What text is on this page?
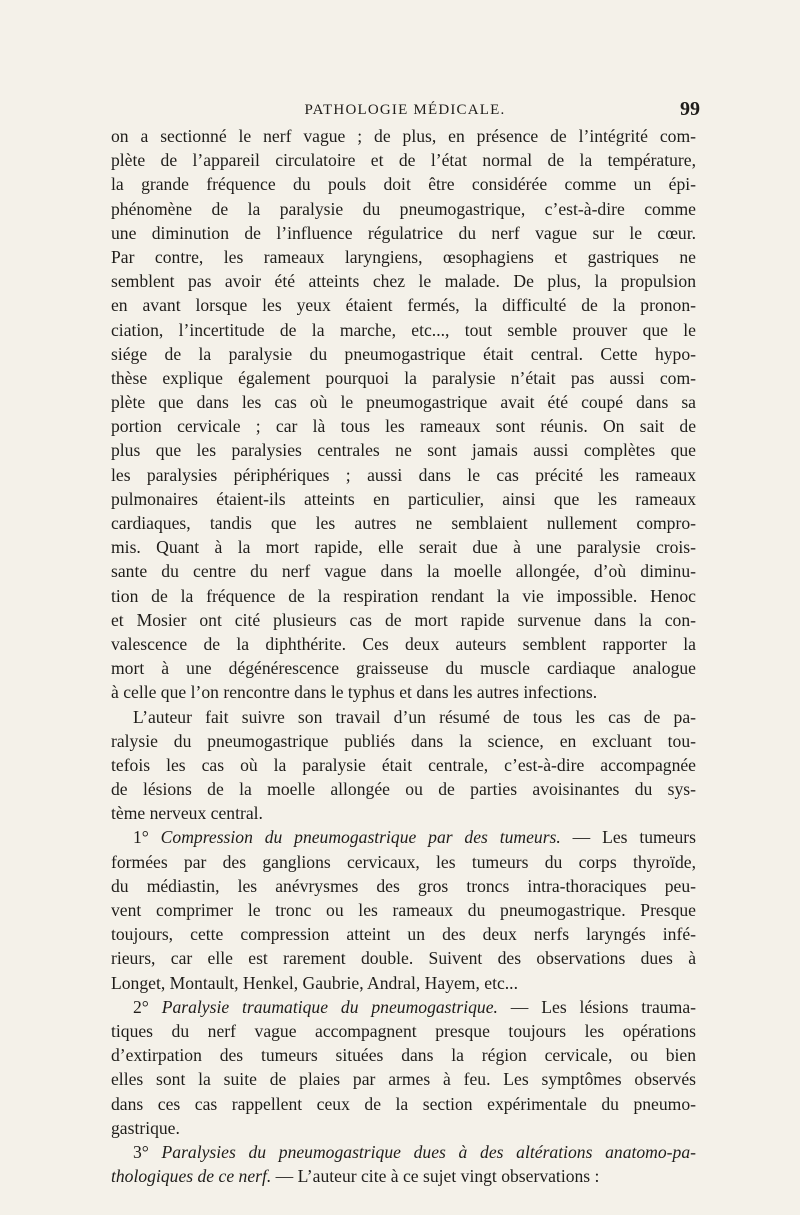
PATHOLOGIE MÉDICALE.	99
on a sectionné le nerf vague ; de plus, en présence de l’intégrité com-
plète de l’appareil circulatoire et de l’état normal de la température,
la grande fréquence du pouls doit être considérée comme un épi-
phénomène de la paralysie du pneumogastrique, c’est-à-dire comme
une diminution de l’influence régulatrice du nerf vague sur le cœur.
Par contre, les rameaux laryngiens, œsophagiens et gastriques ne
semblent pas avoir été atteints chez le malade. De plus, la propulsion
en avant lorsque les yeux étaient fermés, la difficulté de la pronon-
ciation, l’incertitude de la marche, etc..., tout semble prouver que le
siége de la paralysie du pneumogastrique était central. Cette hypo-
thèse explique également pourquoi la paralysie n’était pas aussi com-
plète que dans les cas où le pneumogastrique avait été coupé dans sa
portion cervicale ; car là tous les rameaux sont réunis. On sait de
plus que les paralysies centrales ne sont jamais aussi complètes que
les paralysies périphériques ; aussi dans le cas précité les rameaux
pulmonaires étaient-ils atteints en particulier, ainsi que les rameaux
cardiaques, tandis que les autres ne semblaient nullement compro-
mis. Quant à la mort rapide, elle serait due à une paralysie crois-
sante du centre du nerf vague dans la moelle allongée, d’où diminu-
tion de la fréquence de la respiration rendant la vie impossible. Henoc
et Mosier ont cité plusieurs cas de mort rapide survenue dans la con-
valescence de la diphthérite. Ces deux auteurs semblent rapporter la
mort à une dégénérescence graisseuse du muscle cardiaque analogue
à celle que l’on rencontre dans le typhus et dans les autres infections.
L’auteur fait suivre son travail d’un résumé de tous les cas de pa-
ralysie du pneumogastrique publiés dans la science, en excluant tou-
tefois les cas où la paralysie était centrale, c’est-à-dire accompagnée
de lésions de la moelle allongée ou de parties avoisinantes du sys-
tème nerveux central.
1° Compression du pneumogastrique par des tumeurs. — Les tumeurs
formées par des ganglions cervicaux, les tumeurs du corps thyroïde,
du médiastin, les anévrysmes des gros troncs intra-thoraciques peu-
vent comprimer le tronc ou les rameaux du pneumogastrique. Presque
toujours, cette compression atteint un des deux nerfs laryngés infé-
rieurs, car elle est rarement double. Suivent des observations dues à
Longet, Montault, Henkel, Gaubrie, Andral, Hayem, etc...
2° Paralysie traumatique du pneumogastrique. — Les lésions trauma-
tiques du nerf vague accompagnent presque toujours les opérations
d’extirpation des tumeurs situées dans la région cervicale, ou bien
elles sont la suite de plaies par armes à feu. Les symptômes observés
dans ces cas rappellent ceux de la section expérimentale du pneumo-
gastrique.
3° Paralysies du pneumogastrique dues à des altérations anatomo-pa-
thologiques de ce nerf. — L’auteur cite à ce sujet vingt observations :
